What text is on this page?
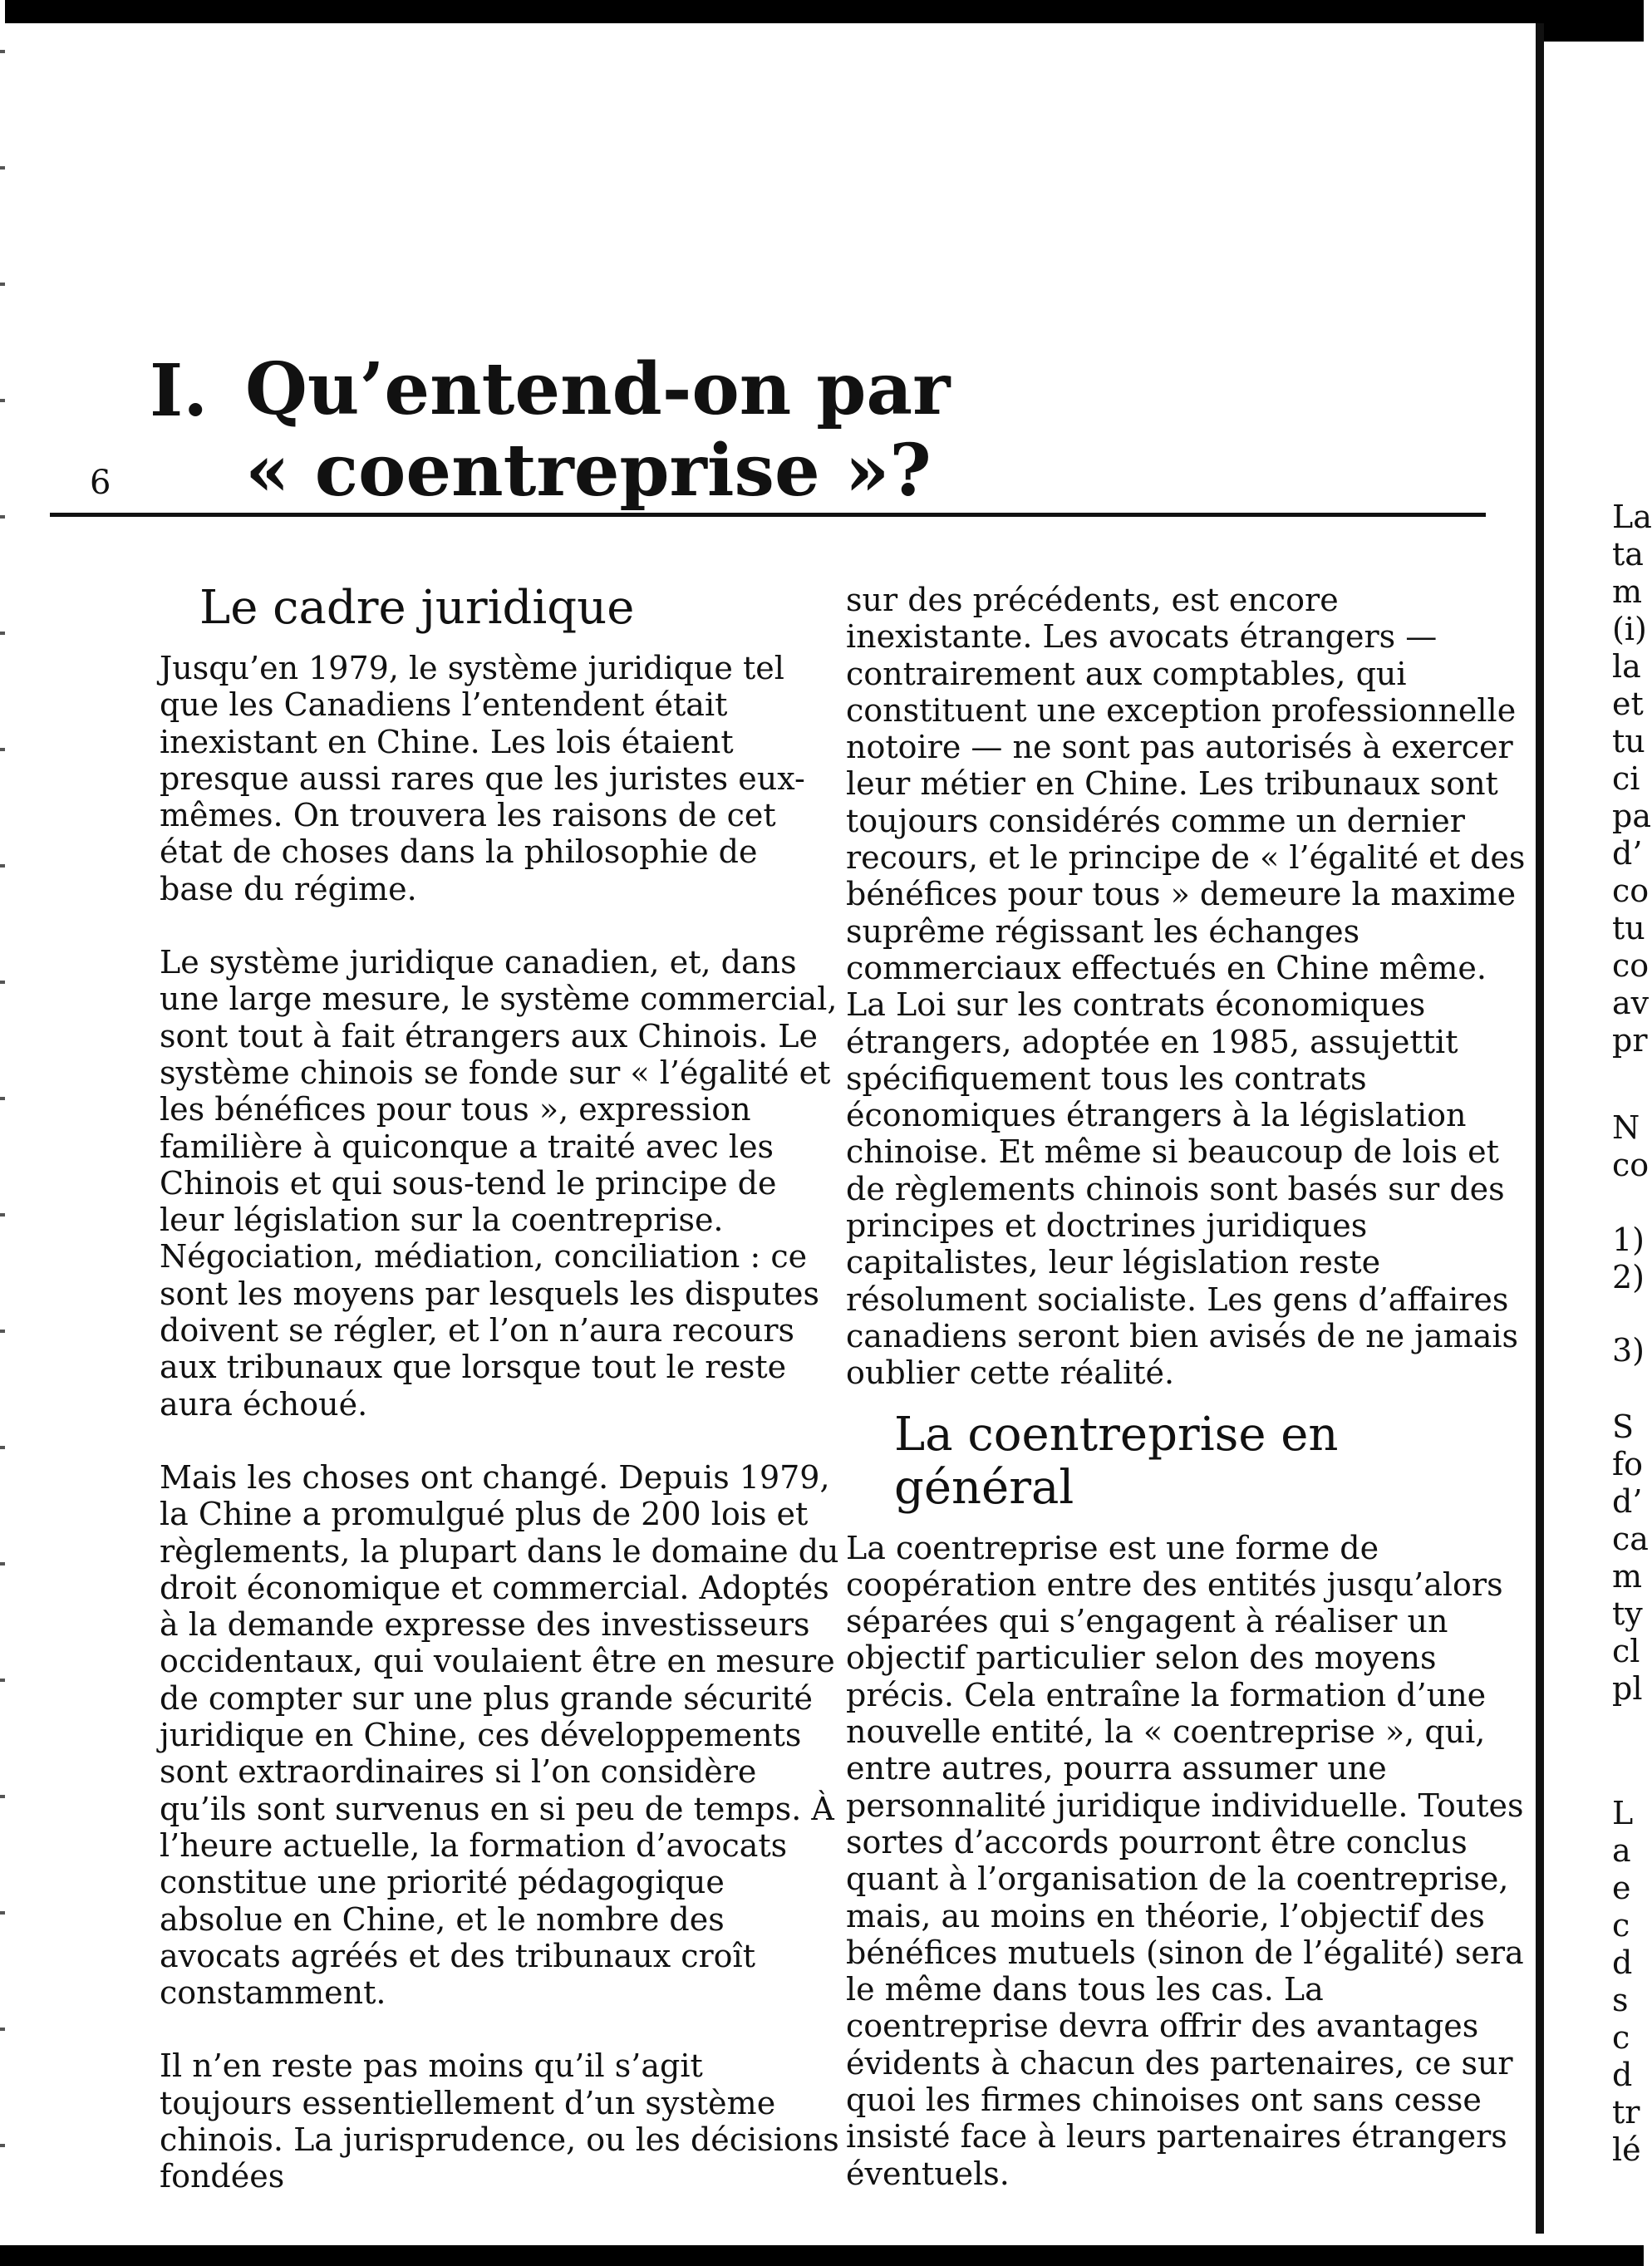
I. Qu’entend-on par
« coentreprise »?
6
Le cadre juridique

Jusqu’en 1979, le système juridique tel que les Canadiens l’entendent était inexistant en Chine. Les lois étaient presque aussi rares que les juristes eux-mêmes. On trouvera les raisons de cet état de choses dans la philosophie de base du régime.

Le système juridique canadien, et, dans une large mesure, le système commercial, sont tout à fait étrangers aux Chinois. Le système chinois se fonde sur « l’égalité et les bénéfices pour tous », expression familière à quiconque a traité avec les Chinois et qui sous-tend le principe de leur législation sur la coentreprise. Négociation, médiation, conciliation : ce sont les moyens par lesquels les disputes doivent se régler, et l’on n’aura recours aux tribunaux que lorsque tout le reste aura échoué.

Mais les choses ont changé. Depuis 1979, la Chine a promulgué plus de 200 lois et règlements, la plupart dans le domaine du droit économique et commercial. Adoptés à la demande expresse des investisseurs occidentaux, qui voulaient être en mesure de compter sur une plus grande sécurité juridique en Chine, ces développements sont extraordinaires si l’on considère qu’ils sont survenus en si peu de temps. À l’heure actuelle, la formation d’avocats constitue une priorité pédagogique absolue en Chine, et le nombre des avocats agréés et des tribunaux croît constamment.

Il n’en reste pas moins qu’il s’agit toujours essentiellement d’un système chinois. La jurisprudence, ou les décisions fondées

sur des précédents, est encore inexistante. Les avocats étrangers — contrairement aux comptables, qui constituent une exception professionnelle notoire — ne sont pas autorisés à exercer leur métier en Chine. Les tribunaux sont toujours considérés comme un dernier recours, et le principe de « l’égalité et des bénéfices pour tous » demeure la maxime suprême régissant les échanges commerciaux effectués en Chine même. La Loi sur les contrats économiques étrangers, adoptée en 1985, assujettit spécifiquement tous les contrats économiques étrangers à la législation chinoise. Et même si beaucoup de lois et de règlements chinois sont basés sur des principes et doctrines juridiques capitalistes, leur législation reste résolument socialiste. Les gens d’affaires canadiens seront bien avisés de ne jamais oublier cette réalité.

La coentreprise en général

La coentreprise est une forme de coopération entre des entités jusqu’alors séparées qui s’engagent à réaliser un objectif particulier selon des moyens précis. Cela entraîne la formation d’une nouvelle entité, la « coentreprise », qui, entre autres, pourra assumer une personnalité juridique individuelle. Toutes sortes d’accords pourront être conclus quant à l’organisation de la coentreprise, mais, au moins en théorie, l’objectif des bénéfices mutuels (sinon de l’égalité) sera le même dans tous les cas. La coentreprise devra offrir des avantages évidents à chacun des partenaires, ce sur quoi les firmes chinoises ont sans cesse insisté face à leurs partenaires étrangers éventuels.

La
ta
m
(i)
la
et
tu
ci
pa
d’
co
tu
co
av
pr
N
co
1)
2)
3)
S
fo
d’
ca
m
ty
cl
pl
L
a
e
c
d
s
c
d
tr
lé
